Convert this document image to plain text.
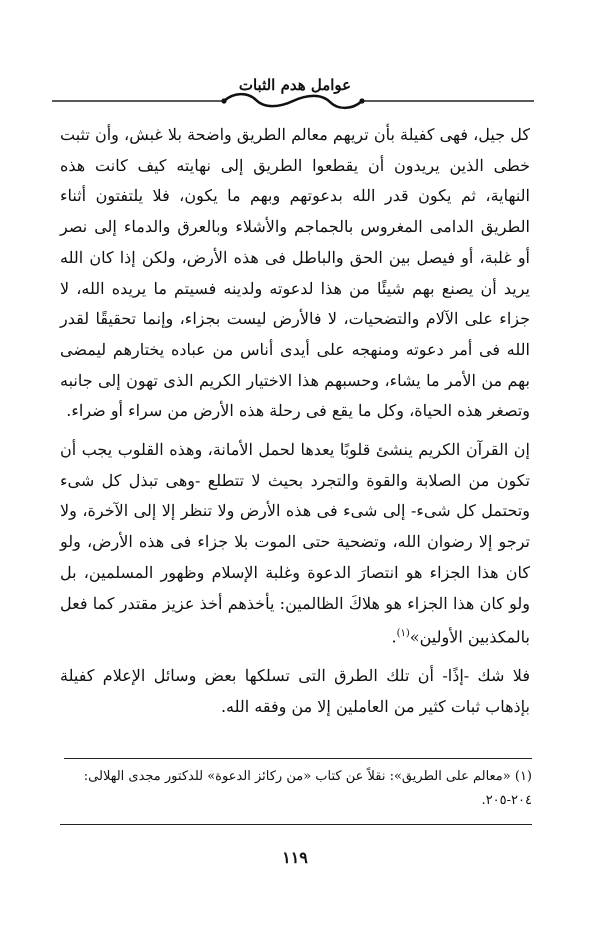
عوامل هدم الثبات

كل جيل، فهى كفيلة بأن تريهم معالم الطريق واضحة بلا غبش، وأن تثبت خطى الذين يريدون أن يقطعوا الطريق إلى نهايته كيف كانت هذه النهاية، ثم يكون قدر الله بدعوتهم وبهم ما يكون، فلا يلتفتون أثناء الطريق الدامى المغروس بالجماجم والأشلاء وبالعرق والدماء إلى نصر أو غلبة، أو فيصل بين الحق والباطل فى هذه الأرض، ولكن إذا كان الله يريد أن يصنع بهم شيئًا من هذا لدعوته ولدينه فسيتم ما يريده الله، لا جزاء على الآلام والتضحيات، لا فالأرض ليست بجزاء، وإنما تحقيقًا لقدر الله فى أمر دعوته ومنهجه على أيدى أناس من عباده يختارهم ليمضى بهم من الأمر ما يشاء، وحسبهم هذا الاختيار الكريم الذى تهون إلى جانبه وتصغر هذه الحياة، وكل ما يقع فى رحلة هذه الأرض من سراء أو ضراء.

إن القرآن الكريم ينشئ قلوبًا يعدها لحمل الأمانة، وهذه القلوب يجب أن تكون من الصلابة والقوة والتجرد بحيث لا تتطلع -وهى تبذل كل شىء وتحتمل كل شىء- إلى شىء فى هذه الأرض ولا تنظر إلا إلى الآخرة، ولا ترجو إلا رضوان الله، وتضحية حتى الموت بلا جزاء فى هذه الأرض، ولو كان هذا الجزاء هو انتصارَ الدعوة وغلبة الإسلام وظهور المسلمين، بل ولو كان هذا الجزاء هو هلاكَ الظالمين: يأخذهم أخذ عزيز مقتدر كما فعل بالمكذبين الأولين»$^{(١)}$.

فلا شك -إذًا- أن تلك الطرق التى تسلكها بعض وسائل الإعلام كفيلة بإذهاب ثبات كثير من العاملين إلا من وفقه الله.

(١) «معالم على الطريق»: نقلاً عن كتاب «من ركائز الدعوة» للدكتور مجدى الهلالى: ٢٠٤-٢٠٥.
١١٩
